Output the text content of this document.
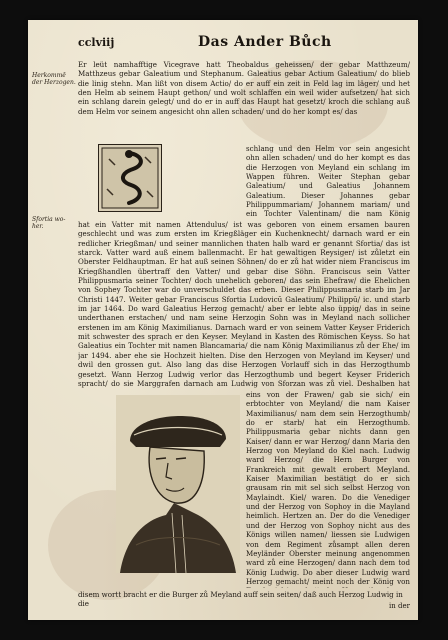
cclviij	Das Ander Bůch
Herkommē der Herzogen.
Sfortia wo-her.
Er leüt namhafftige Vicegrave hatt Theobaldus geheissen/ der gebar Matthzeum/ Matthzeus gebar Galeatium und Stephanum. Galeatius gebar Actium Galeatium/ do blieb die linig stehn. Man lißt von disem Actio/ do er auff ein zeit in Feld lag im läger/ und het den Helm ab seinem Haupt gethon/ und wolt schlaffen ein weil wider aufsetzen/ hat sich ein schlang darein gelegt/ und do er in auff das Haupt hat gesetzt/ kroch die schlang auß dem Helm vor seinem angesicht ohn allen schaden/ und do her kompt es/ das
schlang und den Helm vor sein angesicht ohn allen schaden/ und do her kompt es das die Herzogen von Meyland ein schlang im Wappen führen. Weiter Stephan gebar Galeatium/ und Galeatius Johannem Galeatium. Dieser Johannes gebar Philippummariam/ Johannem mariam/ und ein Tochter Valentinam/ die nam König
hat ein Vatter mit namen Attendulus/ ist was geboren von einem ersamen bauren geschlecht und was zum ersten im Kriegßläger ein Kuchenknecht/ darnach ward er ein redlicher Kriegßman/ und seiner mannlichen thaten halb ward er genannt Sfortia/ das ist starck. Vatter ward auß einem ballenmacht. Er hat gewaltigen Reysiger/ ist zůletzt ein Oberster Feldhauptman. Er hat auß seinen Söhnen/ do er zů hat wider niem Franciscus im Kriegßhandlen übertraff den Vatter/ und gebar dise Söhn. Franciscus sein Vatter Philippusmaria seiner Tochter/ doch unehelich geboren/ das sein Ehefraw/ die Ehelichen von Sophey Tochter war do unverschuldet das erben. Dieser Philippusmaria starb im Jar Christi 1447. Weiter gebar Franciscus Sfortia Ludovicū Galeatium/ Philippū/ ic. und starb im jar 1464. Do ward Galeatius Herzog gemacht/ aber er lebte also üppig/ das in seine underthanen erstachen/ und nam seine Herzogin Sohn was in Meyland nach sollicher erstenen im am König Maximilianus. Darnach ward er von seinem Vatter Keyser Friderich mit schwester des sprach er den Keyser. Meyland in Kasten des Römischen Keyss. So hat Galeatius ein Tochter mit namen Blancamaria/ die nam König Maximilianus zů der Ehe/ im jar 1494. aber ehe sie Hochzeit hielten. Dise den Herzogen von Meyland im Keyser/ und dwil den grossen gut. Also lang das dise Herzogen Vorlauff sich in das Herzogthumb gesetzt. Wann Herzog Ludwig verlor das Herzogthumb und begert Keyser Friderich spracht/ do sie Marggrafen darnach am Ludwig von Sforzan was zů viel. Deshalben hat
eins von der Frawen/ gab sie sich/ ein erbtochter von Meyland/ die nam Kaiser Maximilianus/ nam dem sein Herzogthumb/ do er starb/ hat ein Herzogthumb. Philippusmaria gebar nichts dann gen Kaiser/ dann er war Herzog/ dann Maria den Herzog von Meyland do Kiel nach. Ludwig ward Herzog/ die Hern Burger von Frankreich mit gewalt erobert Meyland. Kaiser Maximilian bestätigt do er sich grausam rin mit sel sich selbst Herzog von Maylaindt. Kiel/ waren. Do die Venediger und der Herzog von Sophoy in die Mayland heimlich. Hertzen an. Der do die Venediger und der Herzog von Sophoy nicht aus des Königs willen namen/ liessen sie Ludwigen von dem Regiment zůsampt allen deren Meyländer Oberster meinung angenommen ward zů eine Herzogen/ dann nach dem tod König Ludwig. Do aber dieser Ludwig ward Herzog gemacht/ meint noch der König von
disem wortt bracht er die Burger zů Meyland auff sein seiten/ daß auch Herzog Ludwig in die	in der
